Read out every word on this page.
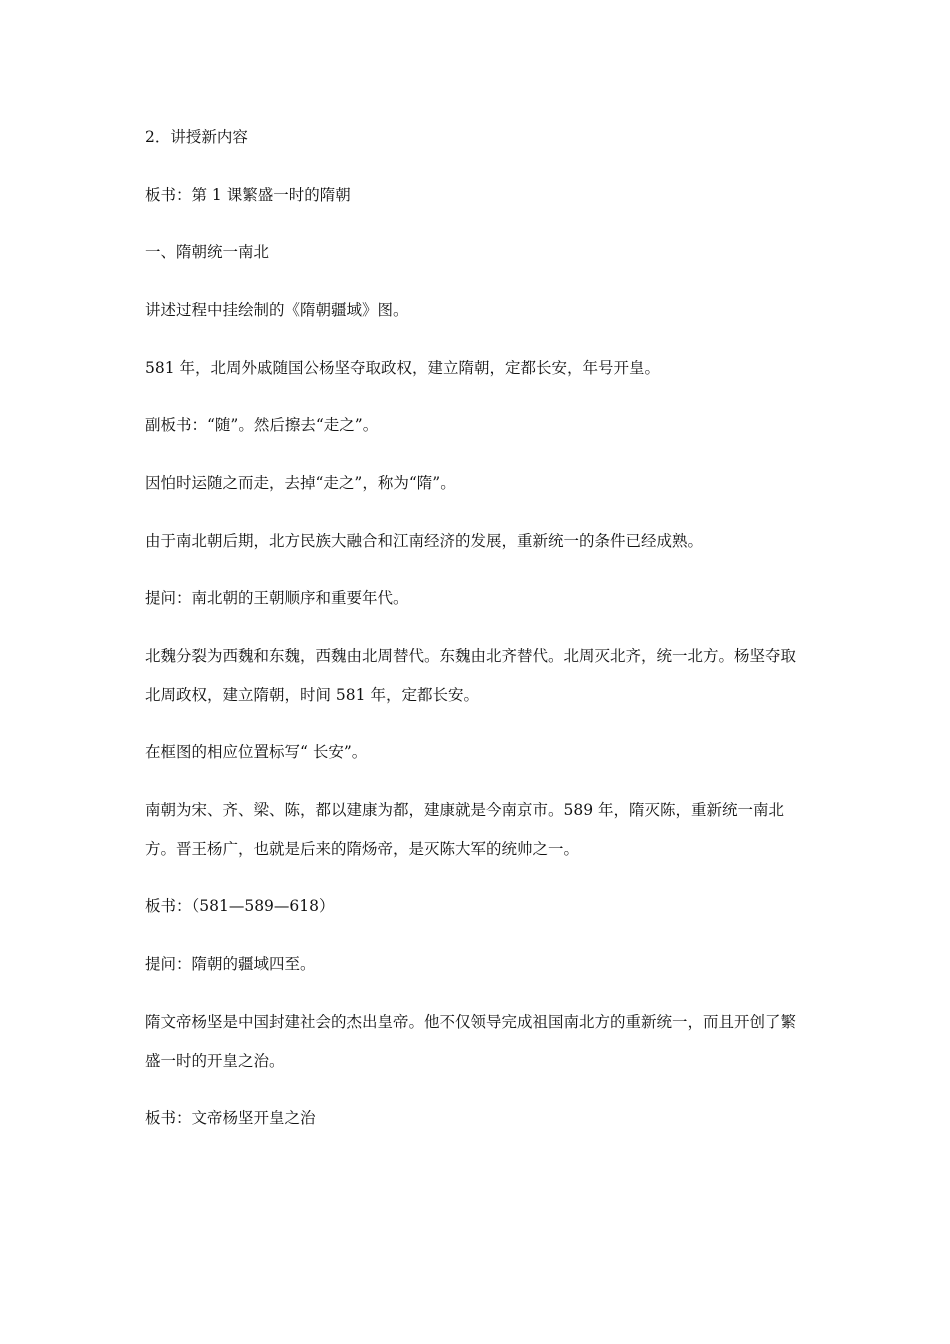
2．讲授新内容

板书：第 1 课繁盛一时的隋朝

一、隋朝统一南北

讲述过程中挂绘制的《隋朝疆域》图。

581 年，北周外戚随国公杨坚夺取政权，建立隋朝，定都长安，年号开皇。

副板书：“随”。然后擦去“走之”。

因怕时运随之而走，去掉“走之”，称为“隋”。

由于南北朝后期，北方民族大融合和江南经济的发展，重新统一的条件已经成熟。

提问：南北朝的王朝顺序和重要年代。

北魏分裂为西魏和东魏，西魏由北周替代。东魏由北齐替代。北周灭北齐，统一北方。杨坚夺取北周政权，建立隋朝，时间 581 年，定都长安。

在框图的相应位置标写“ 长安”。

南朝为宋、齐、梁、陈，都以建康为都，建康就是今南京市。589 年，隋灭陈，重新统一南北方。晋王杨广，也就是后来的隋炀帝，是灭陈大军的统帅之一。

板书：（581—589—618）

提问：隋朝的疆域四至。

隋文帝杨坚是中国封建社会的杰出皇帝。他不仅领导完成祖国南北方的重新统一，而且开创了繁盛一时的开皇之治。

板书：文帝杨坚开皇之治
